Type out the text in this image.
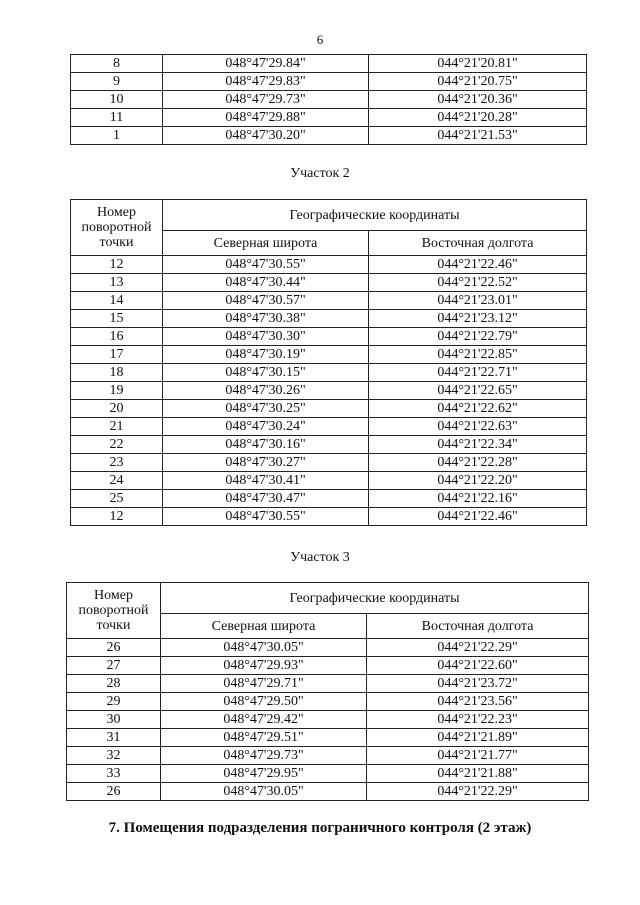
6
8	048°47'29.84"	044°21'20.81"
9	048°47'29.83"	044°21'20.75"
10	048°47'29.73"	044°21'20.36"
11	048°47'29.88"	044°21'20.28"
1	048°47'30.20"	044°21'21.53"
Участок 2
Номер
поворотной
точки	Географические координаты	
	Северная широта	Восточная долгота
12	048°47'30.55"	044°21'22.46"
13	048°47'30.44"	044°21'22.52"
14	048°47'30.57"	044°21'23.01"
15	048°47'30.38"	044°21'23.12"
16	048°47'30.30"	044°21'22.79"
17	048°47'30.19"	044°21'22.85"
18	048°47'30.15"	044°21'22.71"
19	048°47'30.26"	044°21'22.65"
20	048°47'30.25"	044°21'22.62"
21	048°47'30.24"	044°21'22.63"
22	048°47'30.16"	044°21'22.34"
23	048°47'30.27"	044°21'22.28"
24	048°47'30.41"	044°21'22.20"
25	048°47'30.47"	044°21'22.16"
12	048°47'30.55"	044°21'22.46"
Участок 3
Номер
поворотной
точки	Географические координаты	
	Северная широта	Восточная долгота
26	048°47'30.05"	044°21'22.29"
27	048°47'29.93"	044°21'22.60"
28	048°47'29.71"	044°21'23.72"
29	048°47'29.50"	044°21'23.56"
30	048°47'29.42"	044°21'22.23"
31	048°47'29.51"	044°21'21.89"
32	048°47'29.73"	044°21'21.77"
33	048°47'29.95"	044°21'21.88"
26	048°47'30.05"	044°21'22.29"
7. Помещения подразделения пограничного контроля (2 этаж)
